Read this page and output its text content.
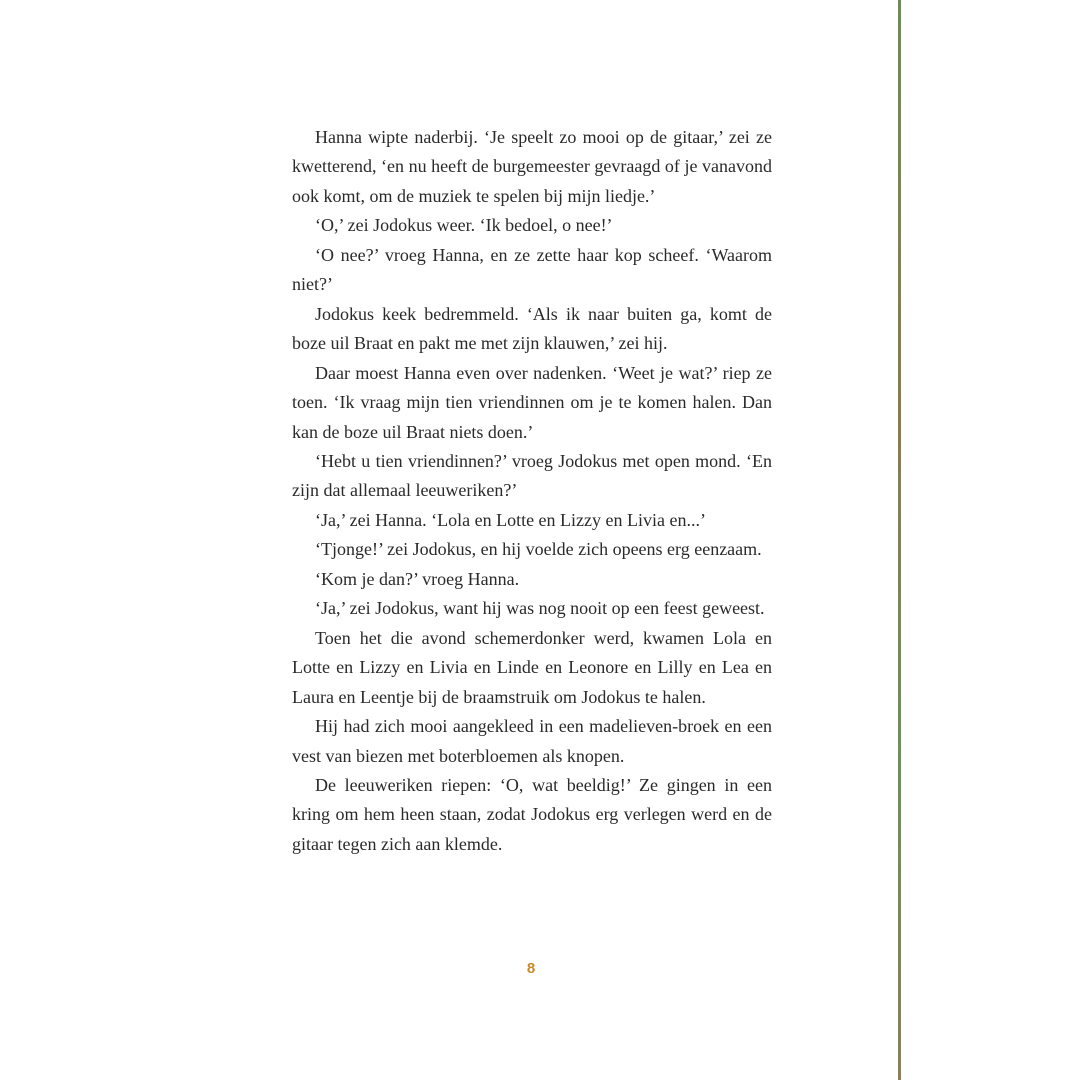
Hanna wipte naderbij. ‘Je speelt zo mooi op de gitaar,’ zei ze kwetterend, ‘en nu heeft de burgemeester gevraagd of je vanavond ook komt, om de muziek te spelen bij mijn liedje.’

‘O,’ zei Jodokus weer. ‘Ik bedoel, o nee!’

‘O nee?’ vroeg Hanna, en ze zette haar kop scheef. ‘Waarom niet?’

Jodokus keek bedremmeld. ‘Als ik naar buiten ga, komt de boze uil Braat en pakt me met zijn klauwen,’ zei hij.

Daar moest Hanna even over nadenken. ‘Weet je wat?’ riep ze toen. ‘Ik vraag mijn tien vriendinnen om je te komen halen. Dan kan de boze uil Braat niets doen.’

‘Hebt u tien vriendinnen?’ vroeg Jodokus met open mond. ‘En zijn dat allemaal leeuweriken?’

‘Ja,’ zei Hanna. ‘Lola en Lotte en Lizzy en Livia en...’

‘Tjonge!’ zei Jodokus, en hij voelde zich opeens erg eenzaam.

‘Kom je dan?’ vroeg Hanna.

‘Ja,’ zei Jodokus, want hij was nog nooit op een feest geweest.

Toen het die avond schemerdonker werd, kwamen Lola en Lotte en Lizzy en Livia en Linde en Leonore en Lilly en Lea en Laura en Leentje bij de braamstruik om Jodokus te halen.

Hij had zich mooi aangekleed in een madelieven-broek en een vest van biezen met boterbloemen als knopen.

De leeuweriken riepen: ‘O, wat beeldig!’ Ze gingen in een kring om hem heen staan, zodat Jodokus erg verlegen werd en de gitaar tegen zich aan klemde.

8
